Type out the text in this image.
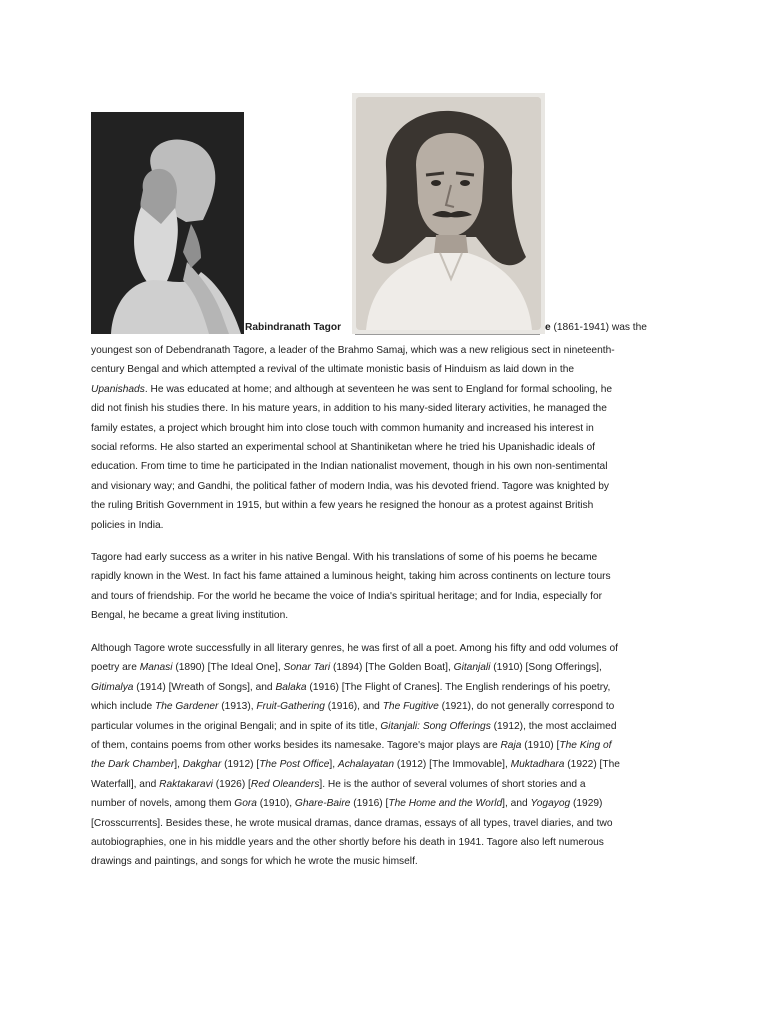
Rabindranath Tagor	e (1861-1941) was the
youngest son of Debendranath Tagore, a leader of the Brahmo Samaj, which was a new religious sect in nineteenth-
century Bengal and which attempted a revival of the ultimate monistic basis of Hinduism as laid down in the
Upanishads. He was educated at home; and although at seventeen he was sent to England for formal schooling, he
did not finish his studies there. In his mature years, in addition to his many-sided literary activities, he managed the
family estates, a project which brought him into close touch with common humanity and increased his interest in
social reforms. He also started an experimental school at Shantiniketan where he tried his Upanishadic ideals of
education. From time to time he participated in the Indian nationalist movement, though in his own non-sentimental
and visionary way; and Gandhi, the political father of modern India, was his devoted friend. Tagore was knighted by
the ruling British Government in 1915, but within a few years he resigned the honour as a protest against British
policies in India.
Tagore had early success as a writer in his native Bengal. With his translations of some of his poems he became
rapidly known in the West. In fact his fame attained a luminous height, taking him across continents on lecture tours
and tours of friendship. For the world he became the voice of India's spiritual heritage; and for India, especially for
Bengal, he became a great living institution.
Although Tagore wrote successfully in all literary genres, he was first of all a poet. Among his fifty and odd volumes of
poetry are Manasi (1890) [The Ideal One], Sonar Tari (1894) [The Golden Boat], Gitanjali (1910) [Song Offerings],
Gitimalya (1914) [Wreath of Songs], and Balaka (1916) [The Flight of Cranes]. The English renderings of his poetry,
which include The Gardener (1913), Fruit-Gathering (1916), and The Fugitive (1921), do not generally correspond to
particular volumes in the original Bengali; and in spite of its title, Gitanjali: Song Offerings (1912), the most acclaimed
of them, contains poems from other works besides its namesake. Tagore's major plays are Raja (1910) [The King of
the Dark Chamber], Dakghar (1912) [The Post Office], Achalayatan (1912) [The Immovable], Muktadhara (1922) [The
Waterfall], and Raktakaravi (1926) [Red Oleanders]. He is the author of several volumes of short stories and a
number of novels, among them Gora (1910), Ghare-Baire (1916) [The Home and the World], and Yogayog (1929)
[Crosscurrents]. Besides these, he wrote musical dramas, dance dramas, essays of all types, travel diaries, and two
autobiographies, one in his middle years and the other shortly before his death in 1941. Tagore also left numerous
drawings and paintings, and songs for which he wrote the music himself.
